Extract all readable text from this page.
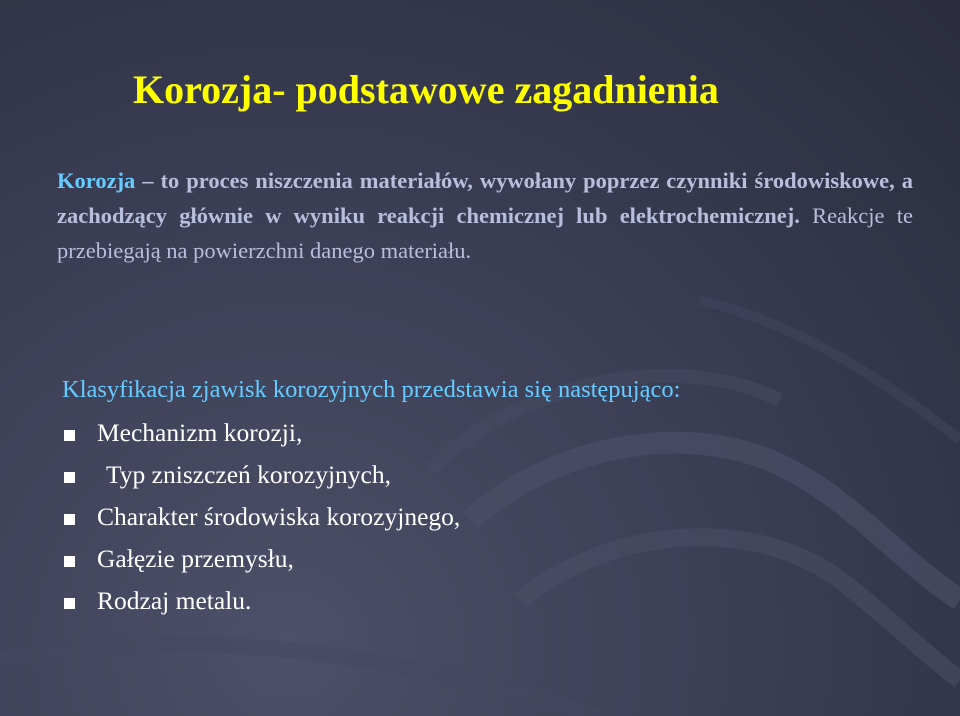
Korozja- podstawowe zagadnienia

Korozja – to proces niszczenia materiałów, wywołany poprzez czynniki środowiskowe, a zachodzący głównie w wyniku reakcji chemicznej lub elektrochemicznej. Reakcje te przebiegają na powierzchni danego materiału.

Klasyfikacja zjawisk korozyjnych przedstawia się następująco:

Mechanizm korozji,
Typ zniszczeń korozyjnych,
Charakter środowiska korozyjnego,
Gałęzie przemysłu,
Rodzaj metalu.
